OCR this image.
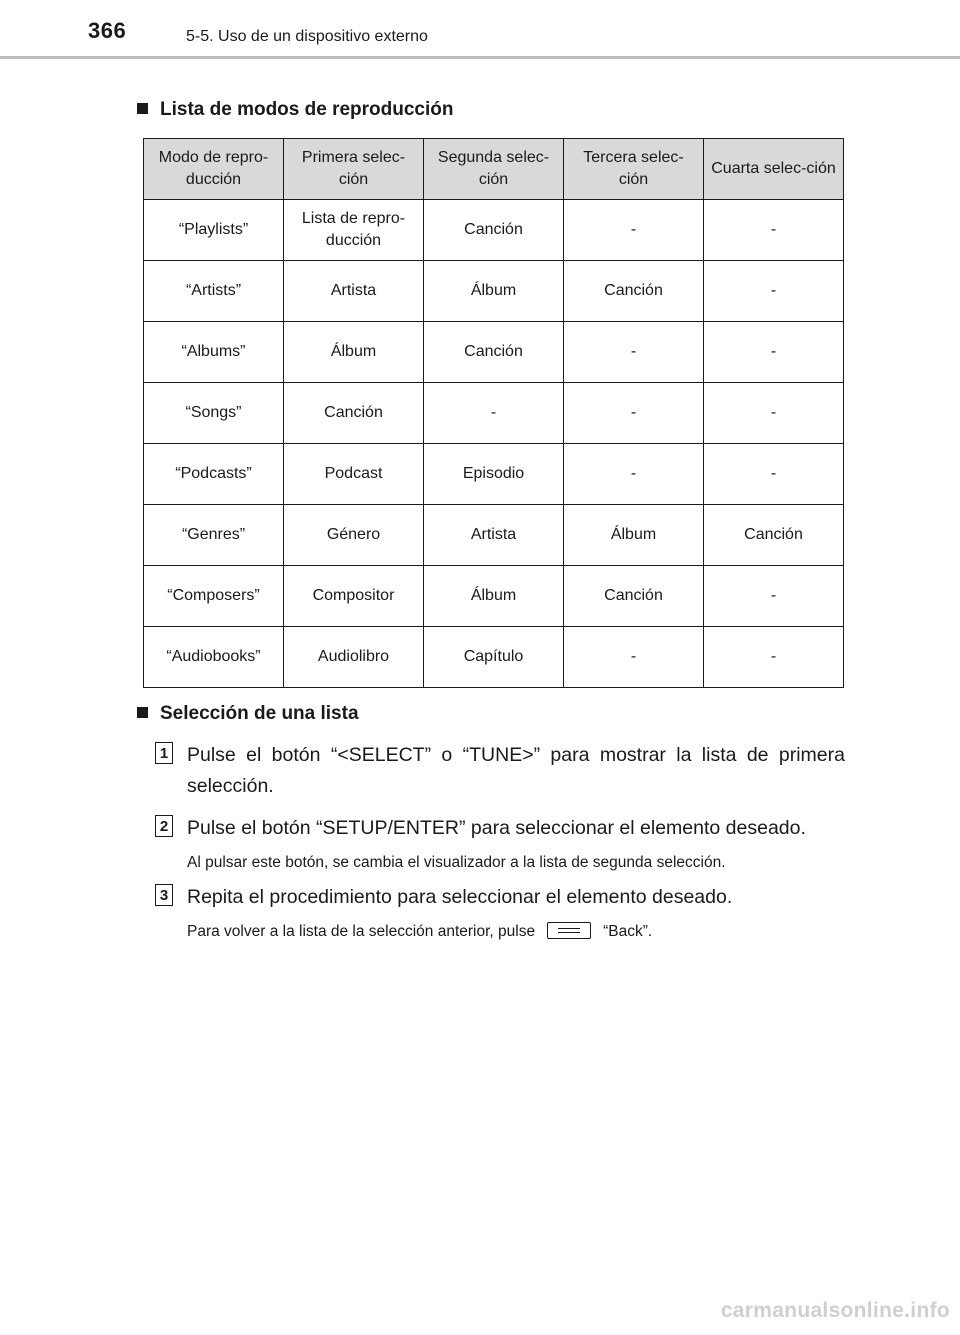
366	5-5. Uso de un dispositivo externo
Lista de modos de reproducción
Modo de repro-ducción	Primera selec-ción	Segunda selec-ción	Tercera selec-ción	Cuarta selec-ción
“Playlists”	Lista de repro-ducción	Canción	-	-
“Artists”	Artista	Álbum	Canción	-
“Albums”	Álbum	Canción	-	-
“Songs”	Canción	-	-	-
“Podcasts”	Podcast	Episodio	-	-
“Genres”	Género	Artista	Álbum	Canción
“Composers”	Compositor	Álbum	Canción	-
“Audiobooks”	Audiolibro	Capítulo	-	-
Selección de una lista
1 Pulse el botón “<SELECT” o “TUNE>” para mostrar la lista de primera selección.
2 Pulse el botón “SETUP/ENTER” para seleccionar el elemento deseado.
Al pulsar este botón, se cambia el visualizador a la lista de segunda selección.
3 Repita el procedimiento para seleccionar el elemento deseado.
Para volver a la lista de la selección anterior, pulse	“Back”.
carmanualsonline.info
